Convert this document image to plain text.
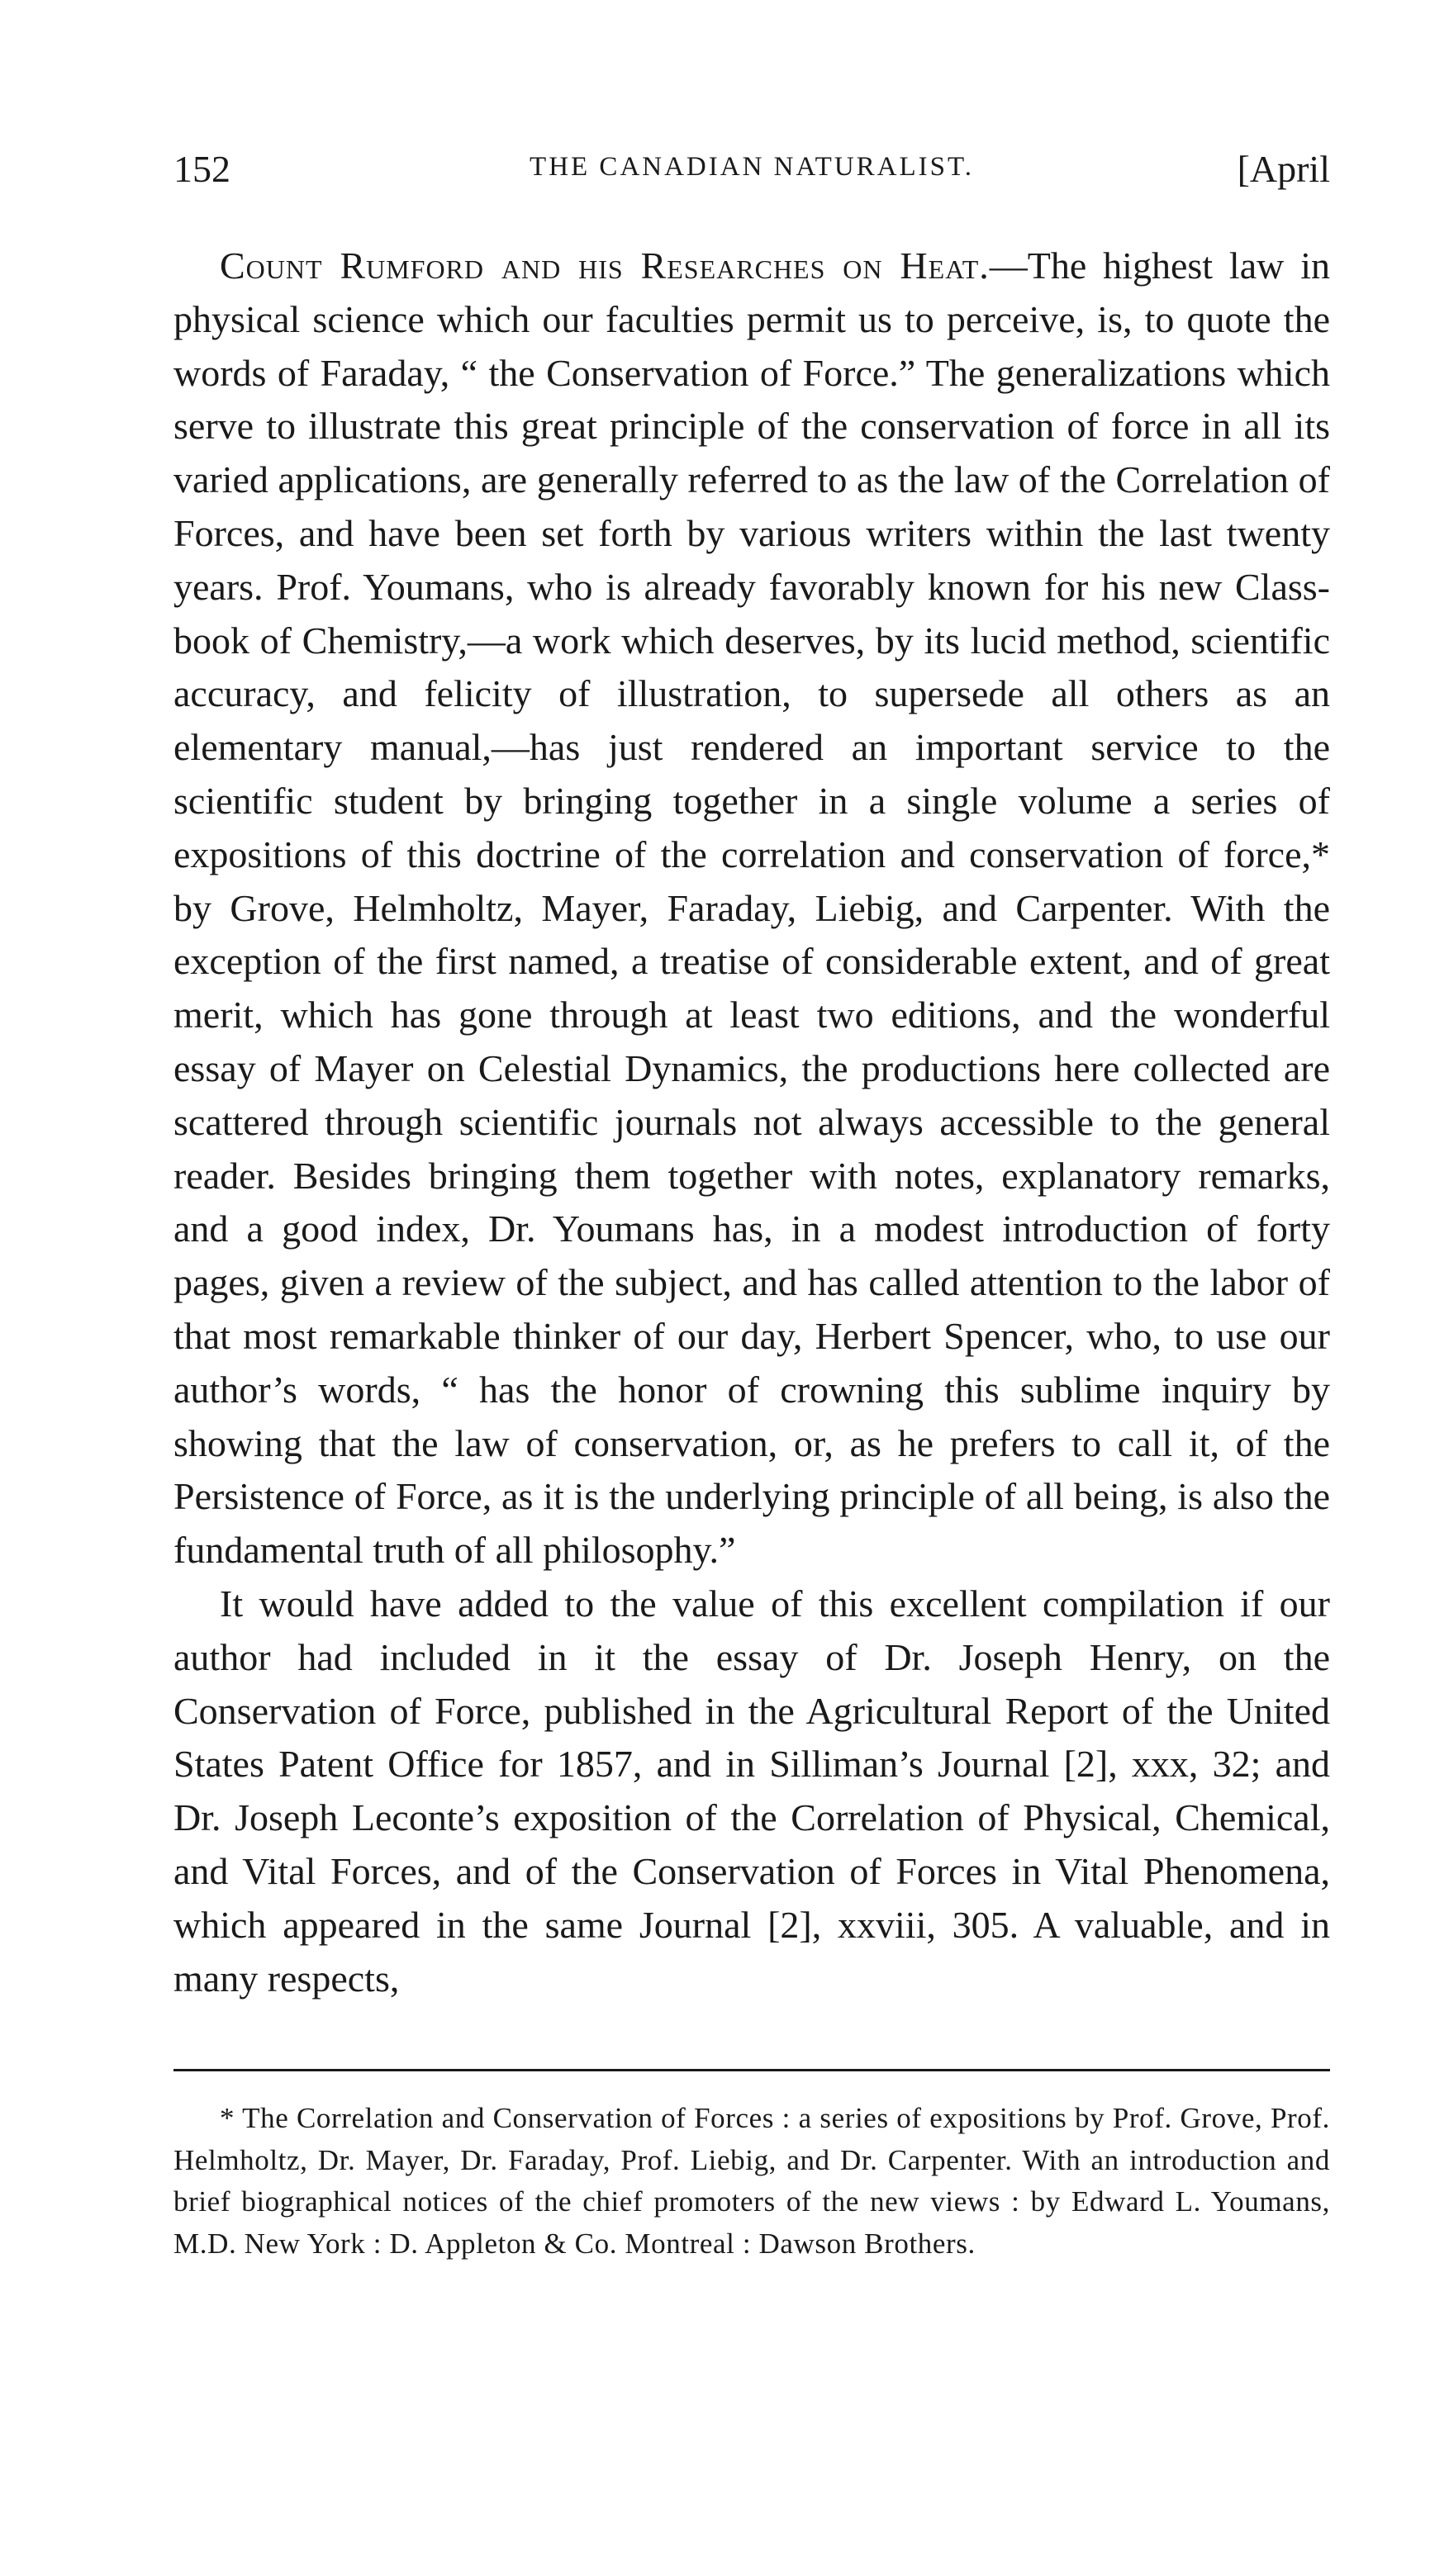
152	THE CANADIAN NATURALIST.	[April

Count Rumford and his Researches on Heat.—The highest law in physical science which our faculties permit us to perceive, is, to quote the words of Faraday, “ the Conservation of Force.” The generalizations which serve to illustrate this great principle of the conservation of force in all its varied applications, are generally referred to as the law of the Correlation of Forces, and have been set forth by various writers within the last twenty years. Prof. Youmans, who is already favorably known for his new Class-book of Chemistry,—a work which deserves, by its lucid method, scientific accuracy, and felicity of illustration, to supersede all others as an elementary manual,—has just rendered an important service to the scientific student by bringing together in a single volume a series of expositions of this doctrine of the correlation and conservation of force,* by Grove, Helmholtz, Mayer, Faraday, Liebig, and Carpenter. With the exception of the first named, a treatise of considerable extent, and of great merit, which has gone through at least two editions, and the wonderful essay of Mayer on Celestial Dynamics, the productions here collected are scattered through scientific journals not always accessible to the general reader. Besides bringing them together with notes, explanatory remarks, and a good index, Dr. Youmans has, in a modest introduction of forty pages, given a review of the subject, and has called attention to the labor of that most remarkable thinker of our day, Herbert Spencer, who, to use our author’s words, “ has the honor of crowning this sublime inquiry by showing that the law of conservation, or, as he prefers to call it, of the Persistence of Force, as it is the underlying principle of all being, is also the fundamental truth of all philosophy.”

It would have added to the value of this excellent compilation if our author had included in it the essay of Dr. Joseph Henry, on the Conservation of Force, published in the Agricultural Report of the United States Patent Office for 1857, and in Silliman’s Journal [2], xxx, 32; and Dr. Joseph Leconte’s exposition of the Correlation of Physical, Chemical, and Vital Forces, and of the Conservation of Forces in Vital Phenomena, which appeared in the same Journal [2], xxviii, 305. A valuable, and in many respects,

* The Correlation and Conservation of Forces : a series of expositions by Prof. Grove, Prof. Helmholtz, Dr. Mayer, Dr. Faraday, Prof. Liebig, and Dr. Carpenter. With an introduction and brief biographical notices of the chief promoters of the new views : by Edward L. Youmans, M.D. New York : D. Appleton & Co. Montreal : Dawson Brothers.
